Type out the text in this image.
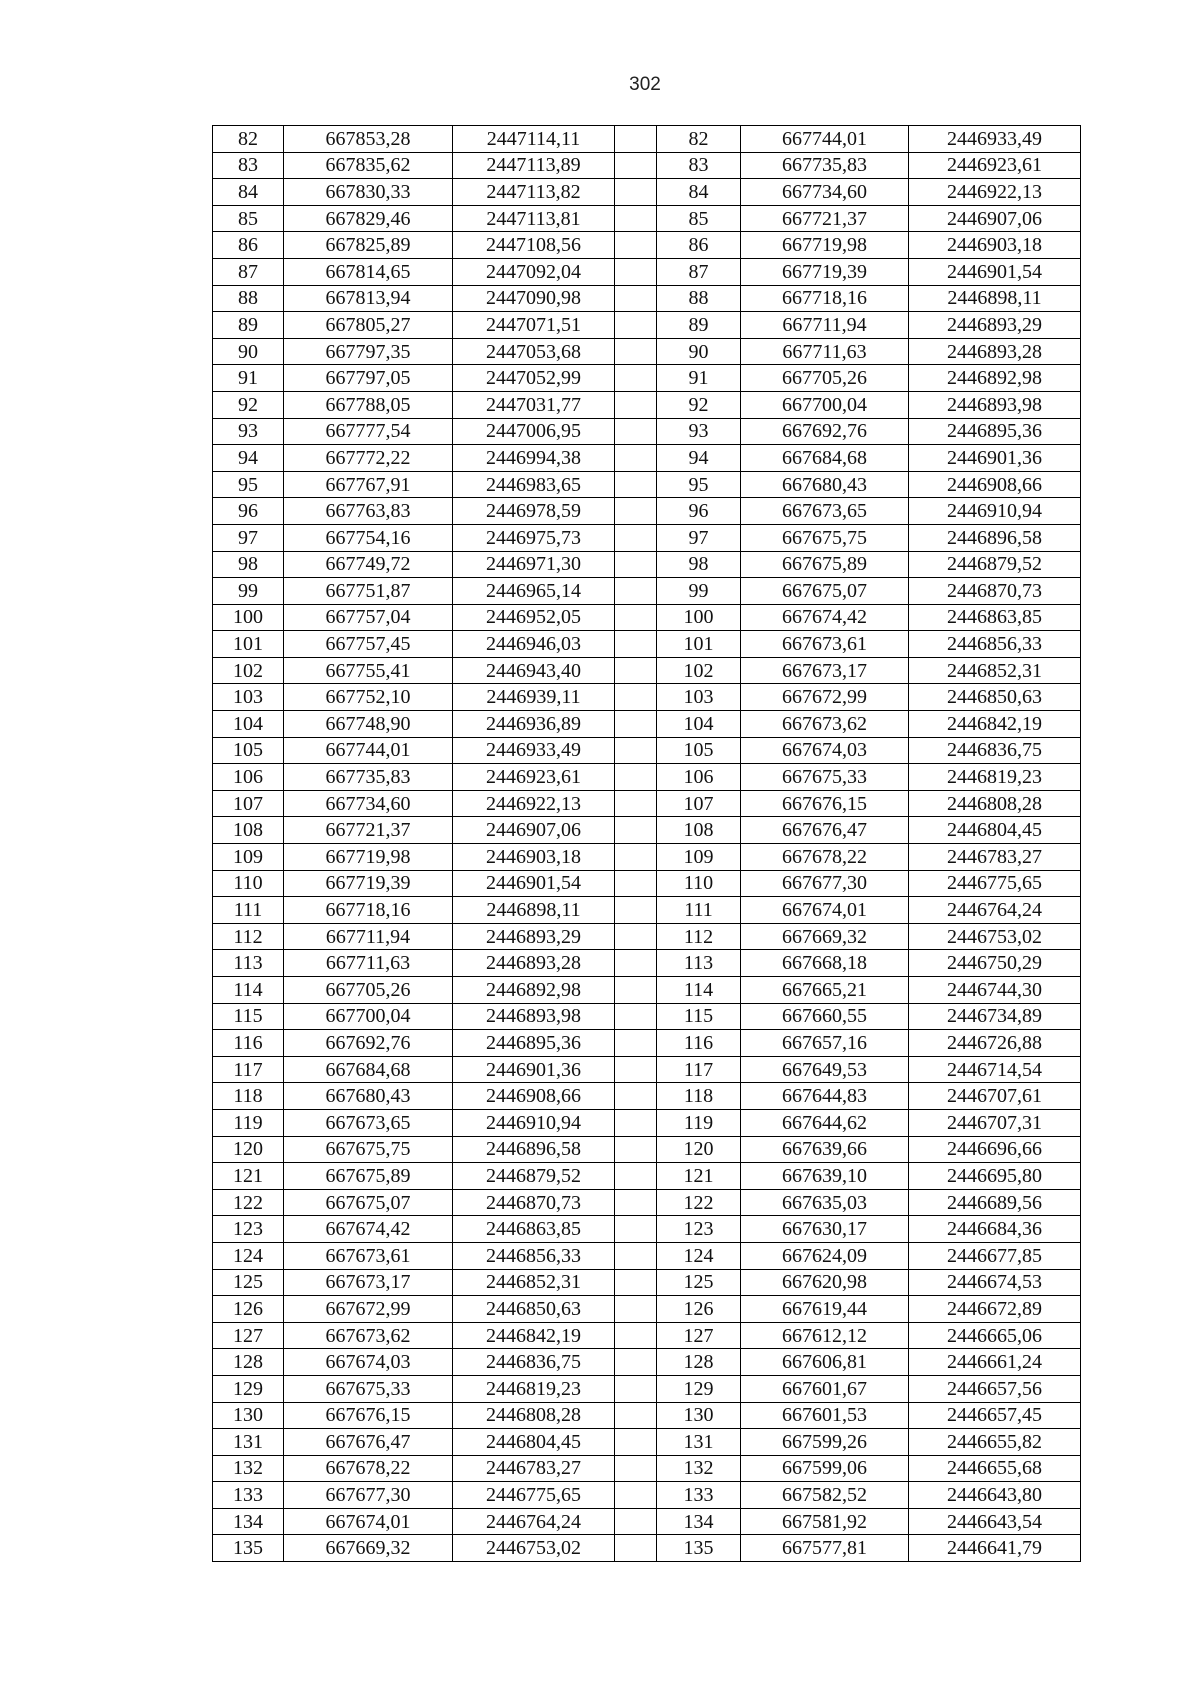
302
82	667853,28	2447114,11		82	667744,01	2446933,49
83	667835,62	2447113,89		83	667735,83	2446923,61
84	667830,33	2447113,82		84	667734,60	2446922,13
85	667829,46	2447113,81		85	667721,37	2446907,06
86	667825,89	2447108,56		86	667719,98	2446903,18
87	667814,65	2447092,04		87	667719,39	2446901,54
88	667813,94	2447090,98		88	667718,16	2446898,11
89	667805,27	2447071,51		89	667711,94	2446893,29
90	667797,35	2447053,68		90	667711,63	2446893,28
91	667797,05	2447052,99		91	667705,26	2446892,98
92	667788,05	2447031,77		92	667700,04	2446893,98
93	667777,54	2447006,95		93	667692,76	2446895,36
94	667772,22	2446994,38		94	667684,68	2446901,36
95	667767,91	2446983,65		95	667680,43	2446908,66
96	667763,83	2446978,59		96	667673,65	2446910,94
97	667754,16	2446975,73		97	667675,75	2446896,58
98	667749,72	2446971,30		98	667675,89	2446879,52
99	667751,87	2446965,14		99	667675,07	2446870,73
100	667757,04	2446952,05		100	667674,42	2446863,85
101	667757,45	2446946,03		101	667673,61	2446856,33
102	667755,41	2446943,40		102	667673,17	2446852,31
103	667752,10	2446939,11		103	667672,99	2446850,63
104	667748,90	2446936,89		104	667673,62	2446842,19
105	667744,01	2446933,49		105	667674,03	2446836,75
106	667735,83	2446923,61		106	667675,33	2446819,23
107	667734,60	2446922,13		107	667676,15	2446808,28
108	667721,37	2446907,06		108	667676,47	2446804,45
109	667719,98	2446903,18		109	667678,22	2446783,27
110	667719,39	2446901,54		110	667677,30	2446775,65
111	667718,16	2446898,11		111	667674,01	2446764,24
112	667711,94	2446893,29		112	667669,32	2446753,02
113	667711,63	2446893,28		113	667668,18	2446750,29
114	667705,26	2446892,98		114	667665,21	2446744,30
115	667700,04	2446893,98		115	667660,55	2446734,89
116	667692,76	2446895,36		116	667657,16	2446726,88
117	667684,68	2446901,36		117	667649,53	2446714,54
118	667680,43	2446908,66		118	667644,83	2446707,61
119	667673,65	2446910,94		119	667644,62	2446707,31
120	667675,75	2446896,58		120	667639,66	2446696,66
121	667675,89	2446879,52		121	667639,10	2446695,80
122	667675,07	2446870,73		122	667635,03	2446689,56
123	667674,42	2446863,85		123	667630,17	2446684,36
124	667673,61	2446856,33		124	667624,09	2446677,85
125	667673,17	2446852,31		125	667620,98	2446674,53
126	667672,99	2446850,63		126	667619,44	2446672,89
127	667673,62	2446842,19		127	667612,12	2446665,06
128	667674,03	2446836,75		128	667606,81	2446661,24
129	667675,33	2446819,23		129	667601,67	2446657,56
130	667676,15	2446808,28		130	667601,53	2446657,45
131	667676,47	2446804,45		131	667599,26	2446655,82
132	667678,22	2446783,27		132	667599,06	2446655,68
133	667677,30	2446775,65		133	667582,52	2446643,80
134	667674,01	2446764,24		134	667581,92	2446643,54
135	667669,32	2446753,02		135	667577,81	2446641,79
